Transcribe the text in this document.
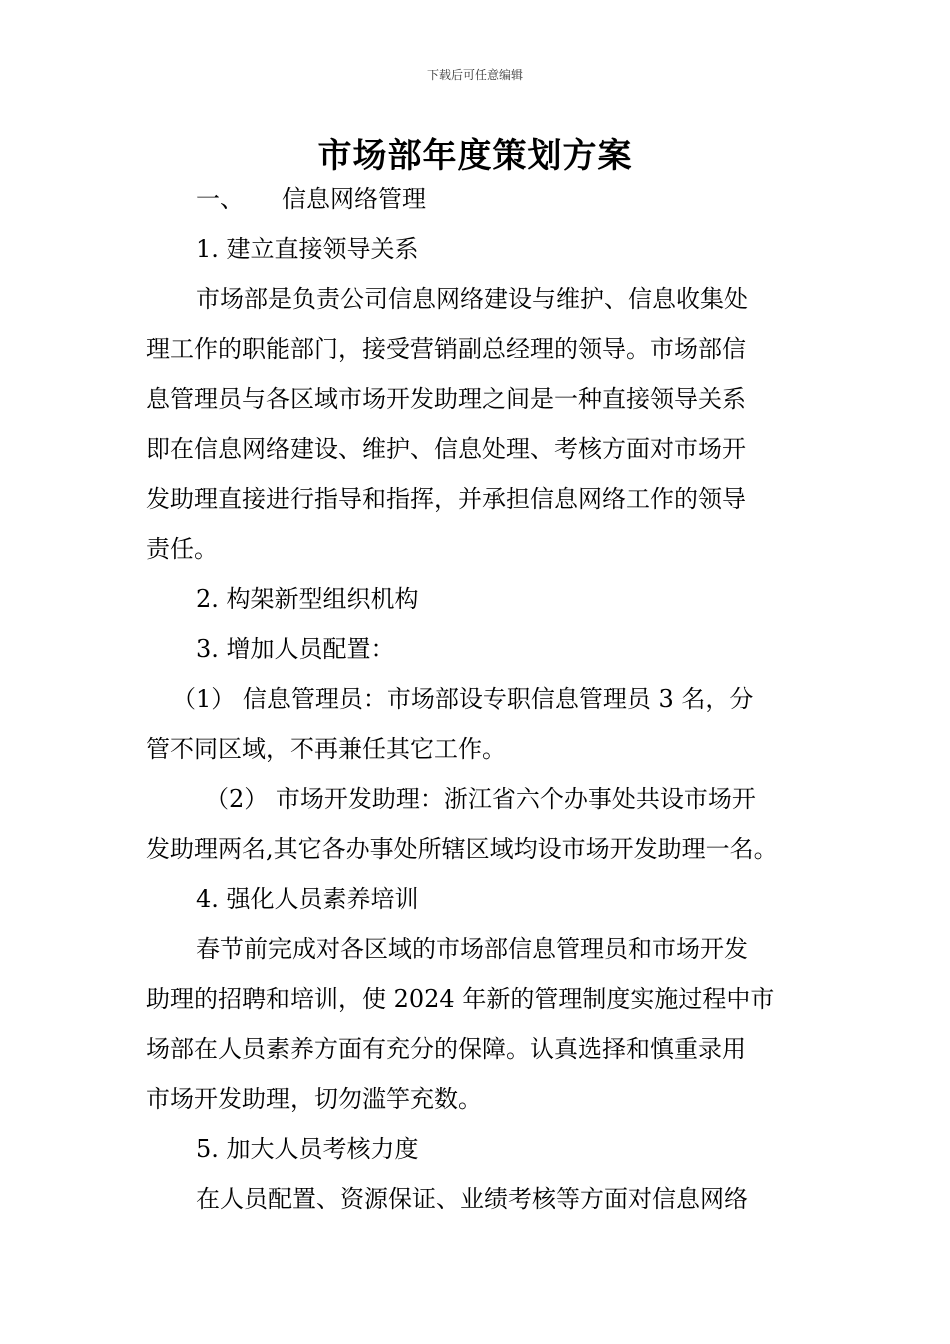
下载后可任意编辑
市场部年度策划方案
一、 信息网络管理
1. 建立直接领导关系
市场部是负责公司信息网络建设与维护、信息收集处
理工作的职能部门，接受营销副总经理的领导。市场部信
息管理员与各区域市场开发助理之间是一种直接领导关系
即在信息网络建设、维护、信息处理、考核方面对市场开
发助理直接进行指导和指挥，并承担信息网络工作的领导
责任。
2. 构架新型组织机构
3. 增加人员配置：
（1） 信息管理员：市场部设专职信息管理员 3 名，分
管不同区域，不再兼任其它工作。
（2） 市场开发助理：浙江省六个办事处共设市场开
发助理两名,其它各办事处所辖区域均设市场开发助理一名。
4. 强化人员素养培训
春节前完成对各区域的市场部信息管理员和市场开发
助理的招聘和培训，使 2024 年新的管理制度实施过程中市
场部在人员素养方面有充分的保障。认真选择和慎重录用
市场开发助理，切勿滥竽充数。
5. 加大人员考核力度
在人员配置、资源保证、业绩考核等方面对信息网络
